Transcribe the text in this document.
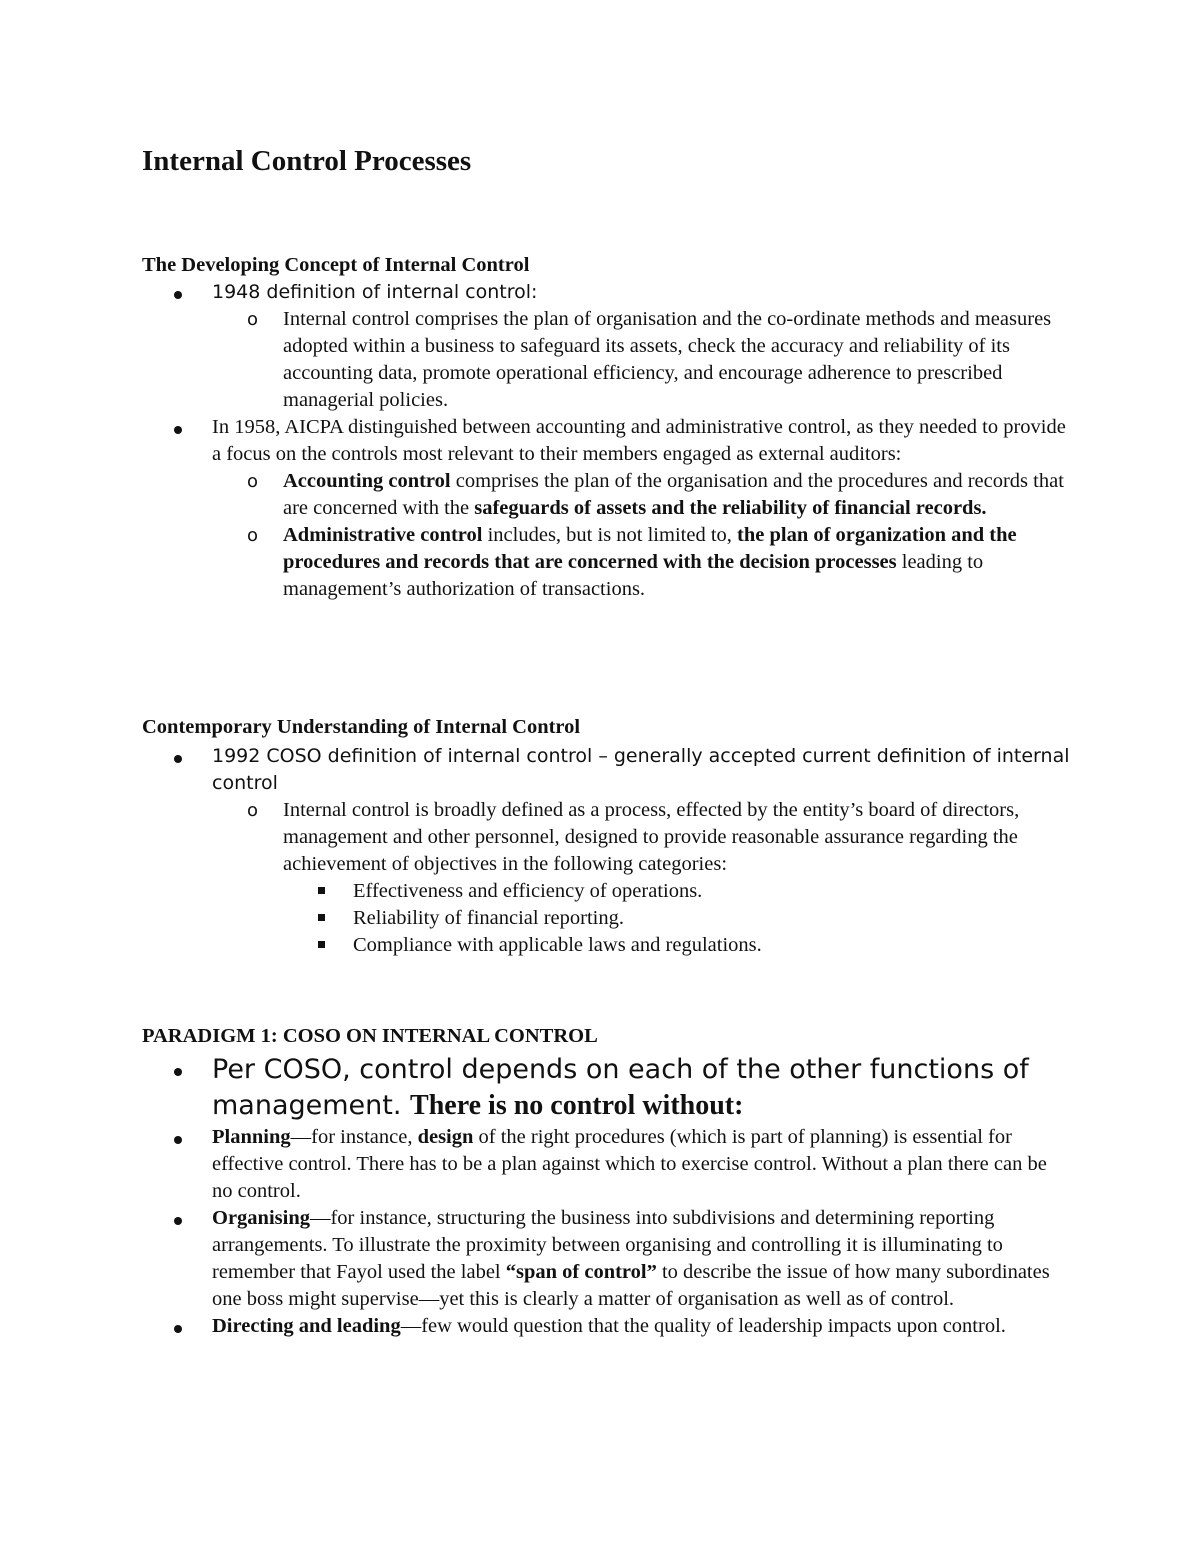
Internal Control Processes
The Developing Concept of Internal Control
1948 definition of internal control:
o Internal control comprises the plan of organisation and the co-ordinate methods and measures adopted within a business to safeguard its assets, check the accuracy and reliability of its accounting data, promote operational efficiency, and encourage adherence to prescribed managerial policies.
In 1958, AICPA distinguished between accounting and administrative control, as they needed to provide a focus on the controls most relevant to their members engaged as external auditors:
o Accounting control comprises the plan of the organisation and the procedures and records that are concerned with the safeguards of assets and the reliability of financial records.
o Administrative control includes, but is not limited to, the plan of organization and the procedures and records that are concerned with the decision processes leading to management’s authorization of transactions.
Contemporary Understanding of Internal Control
1992 COSO definition of internal control – generally accepted current definition of internal control
o Internal control is broadly defined as a process, effected by the entity’s board of directors, management and other personnel, designed to provide reasonable assurance regarding the achievement of objectives in the following categories:
Effectiveness and efficiency of operations.
Reliability of financial reporting.
Compliance with applicable laws and regulations.
PARADIGM 1: COSO ON INTERNAL CONTROL
Per COSO, control depends on each of the other functions of management. There is no control without:
Planning—for instance, design of the right procedures (which is part of planning) is essential for effective control. There has to be a plan against which to exercise control. Without a plan there can be no control.
Organising—for instance, structuring the business into subdivisions and determining reporting arrangements. To illustrate the proximity between organising and controlling it is illuminating to remember that Fayol used the label “span of control” to describe the issue of how many subordinates one boss might supervise—yet this is clearly a matter of organisation as well as of control.
Directing and leading—few would question that the quality of leadership impacts upon control.
